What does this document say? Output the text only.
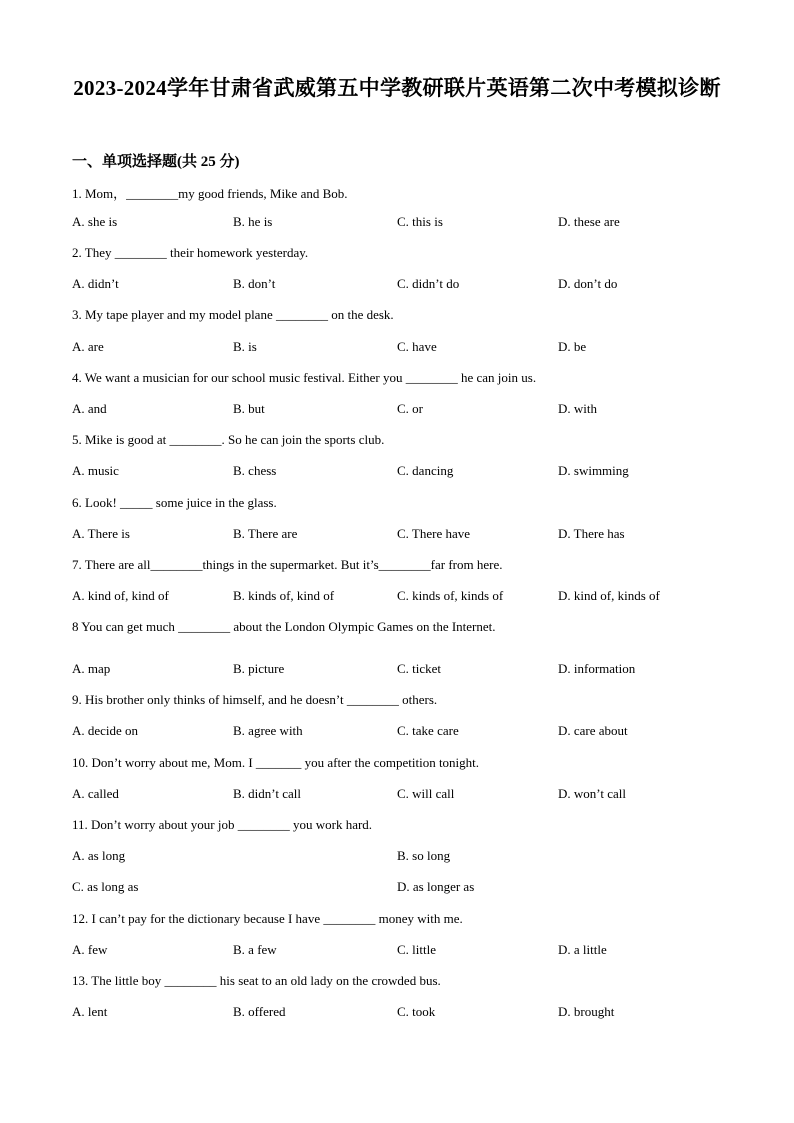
2023-2024学年甘肃省武威第五中学教研联片英语第二次中考模拟诊断
一、单项选择题(共 25 分)
1. Mom，________my good friends, Mike and Bob.
A. she is	B. he is	C. this is	D. these are
2. They ________ their homework yesterday.
A. didn’t	B. don’t	C. didn’t do	D. don’t do
3. My tape player and my model plane ________ on the desk.
A. are	B. is	C. have	D. be
4. We want a musician for our school music festival. Either you ________ he can join us.
A. and	B. but	C. or	D. with
5. Mike is good at ________. So he can join the sports club.
A. music	B. chess	C. dancing	D. swimming
6. Look! _____ some juice in the glass.
A. There is	B. There are	C. There have	D. There has
7. There are all________things in the supermarket. But it’s________far from here.
A. kind of, kind of	B. kinds of, kind of	C. kinds of, kinds of	D. kind of, kinds of
8 You can get much ________ about the London Olympic Games on the Internet.
A. map	B. picture	C. ticket	D. information
9. His brother only thinks of himself, and he doesn’t ________ others.
A. decide on	B. agree with	C. take care	D. care about
10. Don’t worry about me, Mom. I _______ you after the competition tonight.
A. called	B. didn’t call	C. will call	D. won’t call
11. Don’t worry about your job ________ you work hard.
A. as long	B. so long
C. as long as	D. as longer as
12. I can’t pay for the dictionary because I have ________ money with me.
A. few	B. a few	C. little	D. a little
13. The little boy ________ his seat to an old lady on the crowded bus.
A. lent	B. offered	C. took	D. brought
